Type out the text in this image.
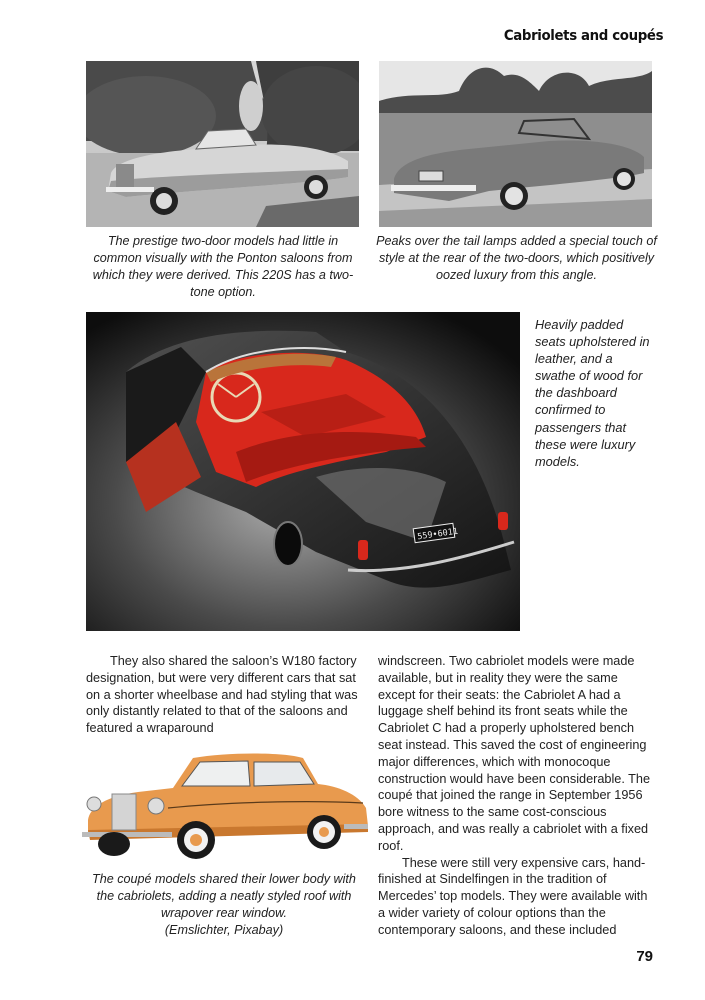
Cabriolets and coupés
The prestige two-door models had little in common visually with the Ponton saloons from which they were derived. This 220S has a two-tone option.
Peaks over the tail lamps added a special touch of style at the rear of the two-doors, which positively oozed luxury from this angle.
559•6011
Heavily padded seats upholstered in leather, and a swathe of wood for the dashboard confirmed to passengers that these were luxury models.

They also shared the saloon’s W180 factory designation, but were very different cars that sat on a shorter wheelbase and had styling that was only distantly related to that of the saloons and featured a wraparound

The coupé models shared their lower body with the cabriolets, adding a neatly styled roof with wrapover rear window.
(Emslichter, Pixabay)

windscreen. Two cabriolet models were made available, but in reality they were the same except for their seats: the Cabriolet A had a luggage shelf behind its front seats while the Cabriolet C had a properly upholstered bench seat instead. This saved the cost of engineering major differences, which with monocoque construction would have been considerable. The coupé that joined the range in September 1956 bore witness to the same cost-conscious approach, and was really a cabriolet with a fixed roof.

These were still very expensive cars, hand-finished at Sindelfingen in the tradition of Mercedes’ top models. They were available with a wider variety of colour options than the contemporary saloons, and these included

79
